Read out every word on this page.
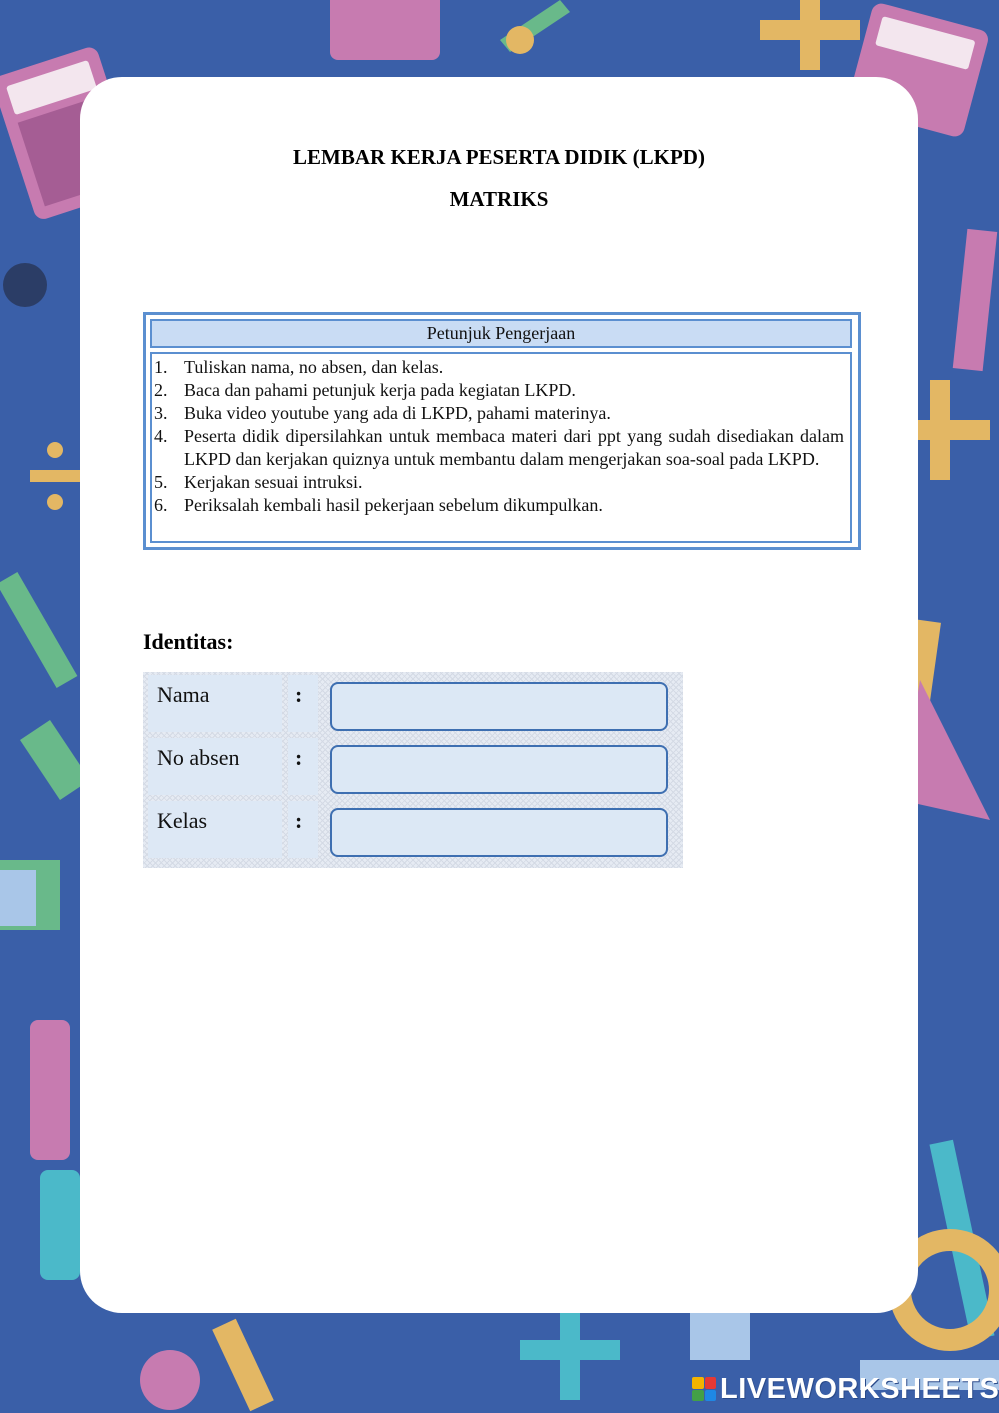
LEMBAR KERJA PESERTA DIDIK (LKPD)
MATRIKS
Petunjuk Pengerjaan
1. Tuliskan nama, no absen, dan kelas.
2. Baca dan pahami petunjuk kerja pada kegiatan LKPD.
3. Buka video youtube yang ada di LKPD, pahami materinya.
4. Peserta didik dipersilahkan untuk membaca materi dari ppt yang sudah disediakan dalam LKPD dan kerjakan quiznya untuk membantu dalam mengerjakan soa-soal pada LKPD.
5. Kerjakan sesuai intruksi.
6. Periksalah kembali hasil pekerjaan sebelum dikumpulkan.
Identitas:
Nama	:
No absen	:
Kelas	:
LIVEWORKSHEETS
